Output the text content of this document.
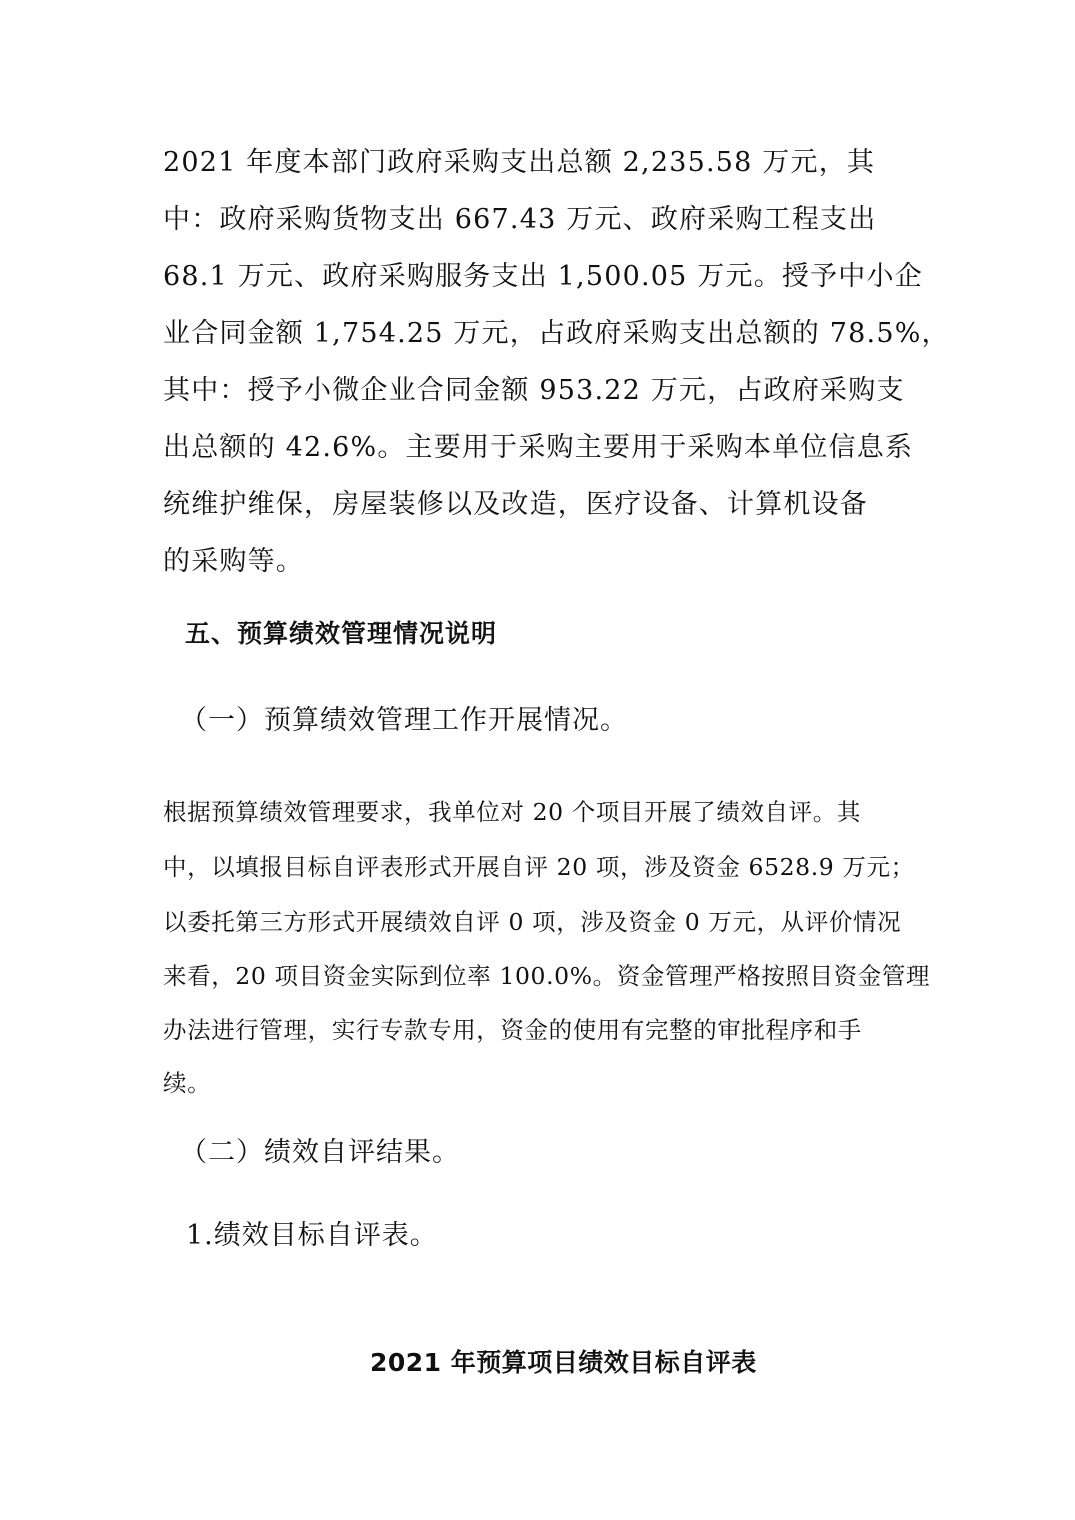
2021 年度本部门政府采购支出总额 2,235.58 万元，其

中：政府采购货物支出 667.43 万元、政府采购工程支出

68.1 万元、政府采购服务支出 1,500.05 万元。授予中小企

业合同金额 1,754.25 万元，占政府采购支出总额的 78.5%，

其中：授予小微企业合同金额 953.22 万元，占政府采购支

出总额的 42.6%。主要用于采购主要用于采购本单位信息系

统维护维保，房屋装修以及改造，医疗设备、计算机设备

的采购等。

五、预算绩效管理情况说明

（一）预算绩效管理工作开展情况。

根据预算绩效管理要求，我单位对 20 个项目开展了绩效自评。其

中，以填报目标自评表形式开展自评 20 项，涉及资金 6528.9 万元；

以委托第三方形式开展绩效自评 0 项，涉及资金 0 万元，从评价情况

来看，20 项目资金实际到位率 100.0%。资金管理严格按照目资金管理

办法进行管理，实行专款专用，资金的使用有完整的审批程序和手

续。

（二）绩效自评结果。

1.绩效目标自评表。

2021 年预算项目绩效目标自评表
